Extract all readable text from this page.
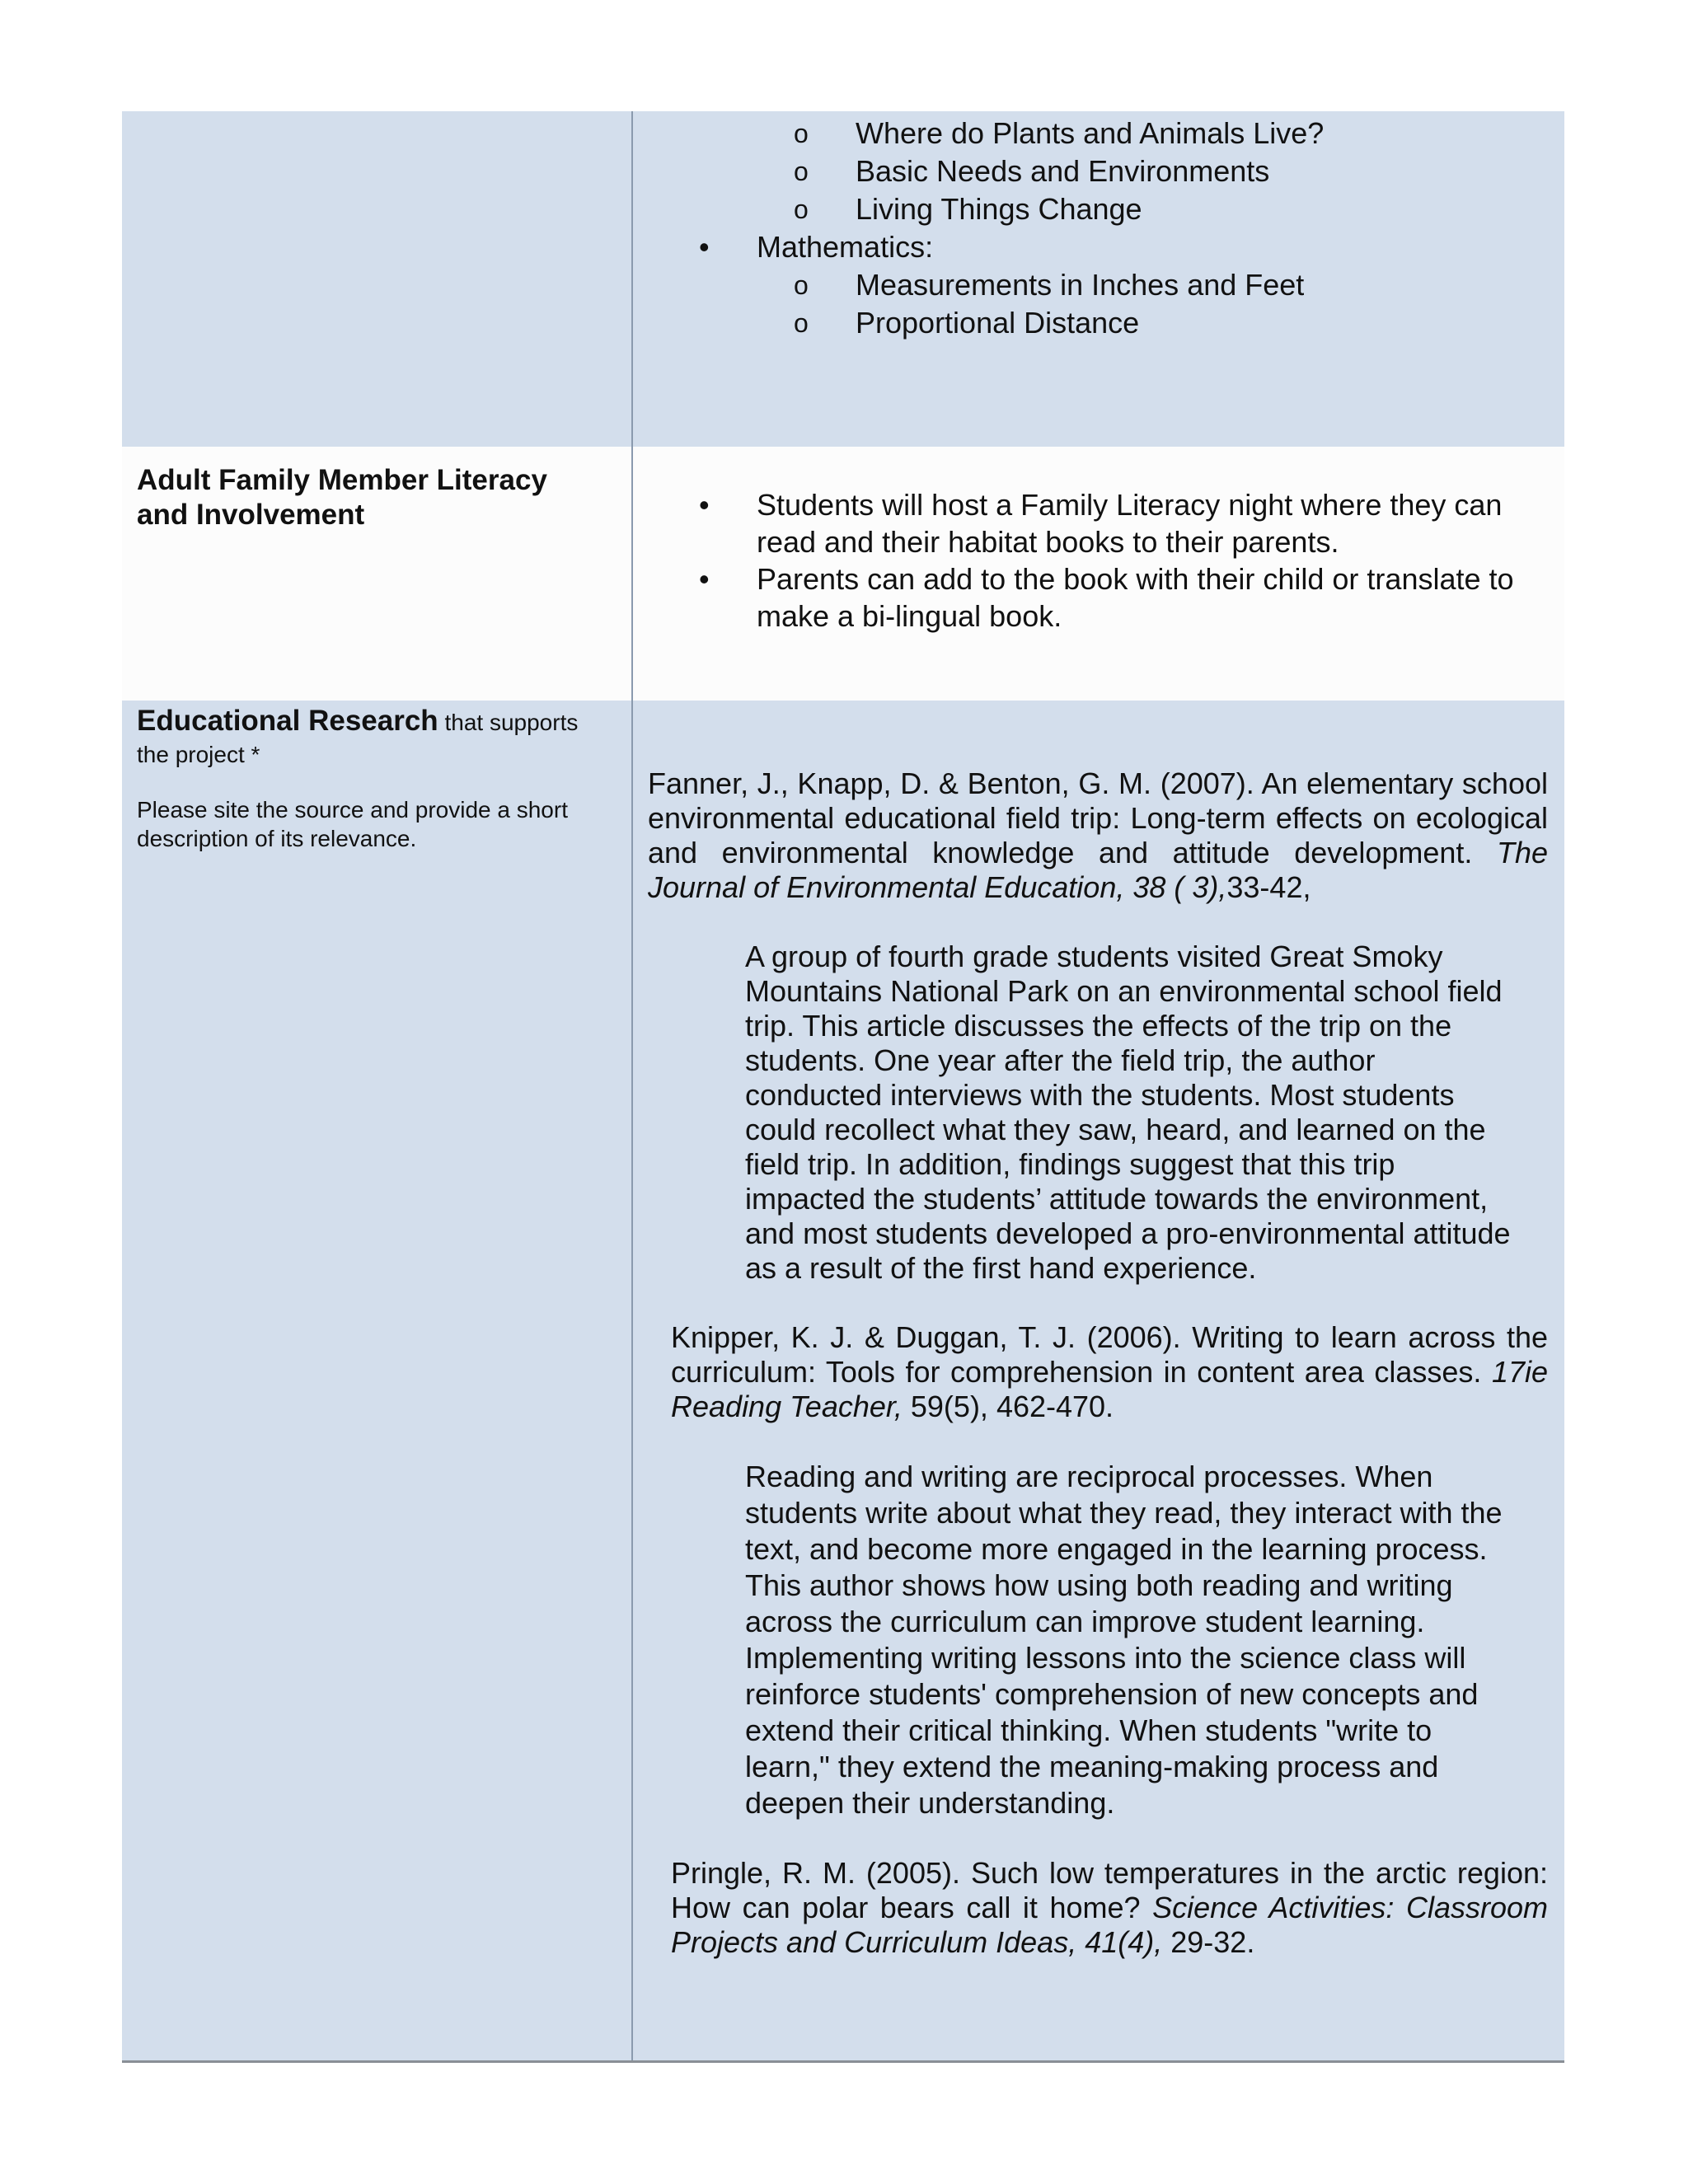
o Where do Plants and Animals Live?
o Basic Needs and Environments
o Living Things Change
• Mathematics:
o Measurements in Inches and Feet
o Proportional Distance

Adult Family Member Literacy
and Involvement	• Students will host a Family Literacy night where they can read and their habitat books to their parents.
• Parents can add to the book with their child or translate to make a bi-lingual book.

Educational Research that supports

the project *

Please site the source and provide a short description of its relevance.

Fanner, J., Knapp, D. & Benton, G. M. (2007). An elementary school environmental educational field trip: Long-term effects on ecological and environmental knowledge and attitude development. The Journal of Environmental Education, 38 ( 3),33-42,

A group of fourth grade students visited Great Smoky Mountains National Park on an environmental school field trip. This article discusses the effects of the trip on the students. One year after the field trip, the author conducted interviews with the students. Most students could recollect what they saw, heard, and learned on the field trip. In addition, findings suggest that this trip impacted the students’ attitude towards the environment, and most students developed a pro-environmental attitude as a result of the first hand experience.

Knipper, K. J. & Duggan, T. J. (2006). Writing to learn across the curriculum: Tools for comprehension in content area classes. 17ie Reading Teacher, 59(5), 462-470.

Reading and writing are reciprocal processes. When students write about what they read, they interact with the text, and become more engaged in the learning process. This author shows how using both reading and writing across the curriculum can improve student learning. Implementing writing lessons into the science class will reinforce students' comprehension of new concepts and extend their critical thinking. When students "write to learn," they extend the meaning-making process and deepen their understanding.

Pringle, R. M. (2005). Such low temperatures in the arctic region: How can polar bears call it home? Science Activities: Classroom Projects and Curriculum Ideas, 41(4), 29-32.
